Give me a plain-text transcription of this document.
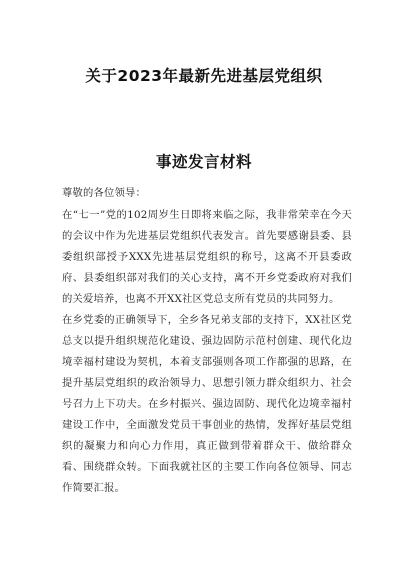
关于2023年最新先进基层党组织
事迹发言材料

尊敬的各位领导：

在“七一”党的102周岁生日即将来临之际，我非常荣幸在今天的会议中作为先进基层党组织代表发言。首先要感谢县委、县委组织部授予XXX先进基层党组织的称号，这离不开县委政府、县委组织部对我们的关心支持，离不开乡党委政府对我们的关爱培养，也离不开XX社区党总支所有党员的共同努力。

在乡党委的正确领导下，全乡各兄弟支部的支持下，XX社区党总支以提升组织规范化建设、强边固防示范村创建、现代化边境幸福村建设为契机，本着支部强则各项工作都强的思路，在提升基层党组织的政治领导力、思想引领力群众组织力、社会号召力上下功夫。在乡村振兴、强边固防、现代化边境幸福村建设工作中，全面激发党员干事创业的热情，发挥好基层党组织的凝聚力和向心力作用，真正做到带着群众干、做给群众看、围绕群众转。下面我就社区的主要工作向各位领导、同志作简要汇报。
